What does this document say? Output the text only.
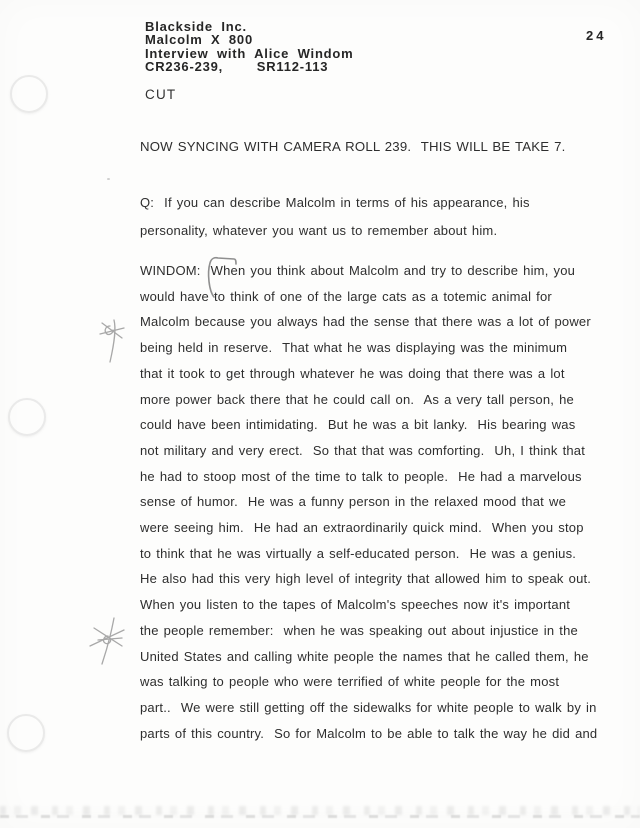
Blackside Inc.
Malcolm X 800
Interview with Alice Windom
CR236-239,    SR112-113
24
CUT
NOW SYNCING WITH CAMERA ROLL 239.  THIS WILL BE TAKE 7.
Q:  If you can describe Malcolm in terms of his appearance, his
personality, whatever you want us to remember about him.
WINDOM:  When you think about Malcolm and try to describe him, you
would have to think of one of the large cats as a totemic animal for
Malcolm because you always had the sense that there was a lot of power
being held in reserve.  That what he was displaying was the minimum
that it took to get through whatever he was doing that there was a lot
more power back there that he could call on.  As a very tall person, he
could have been intimidating.  But he was a bit lanky.  His bearing was
not military and very erect.  So that that was comforting.  Uh, I think that
he had to stoop most of the time to talk to people.  He had a marvelous
sense of humor.  He was a funny person in the relaxed mood that we
were seeing him.  He had an extraordinarily quick mind.  When you stop
to think that he was virtually a self-educated person.  He was a genius.
He also had this very high level of integrity that allowed him to speak out.
When you listen to the tapes of Malcolm's speeches now it's important
the people remember:  when he was speaking out about injustice in the
United States and calling white people the names that he called them, he
was talking to people who were terrified of white people for the most
part..  We were still getting off the sidewalks for white people to walk by in
parts of this country.  So for Malcolm to be able to talk the way he did and
